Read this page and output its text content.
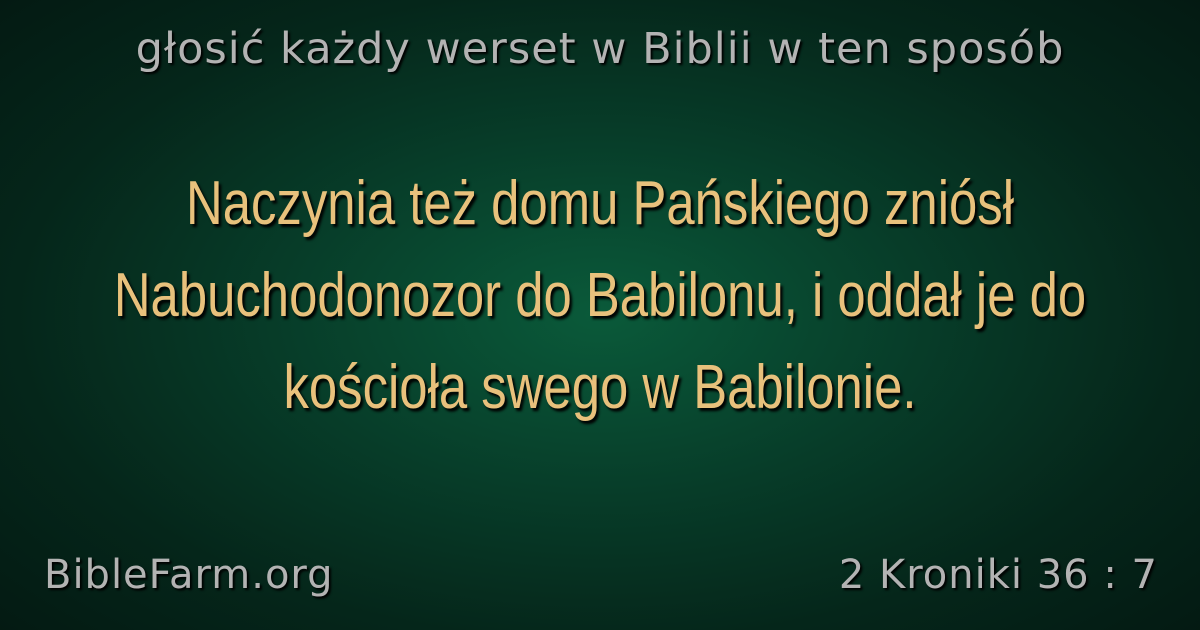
głosić każdy werset w Biblii w ten sposób
Naczynia też domu Pańskiego zniósł Nabuchodonozor do Babilonu, i oddał je do kościoła swego w Babilonie.
BibleFarm.org	2 Kroniki 36 : 7
